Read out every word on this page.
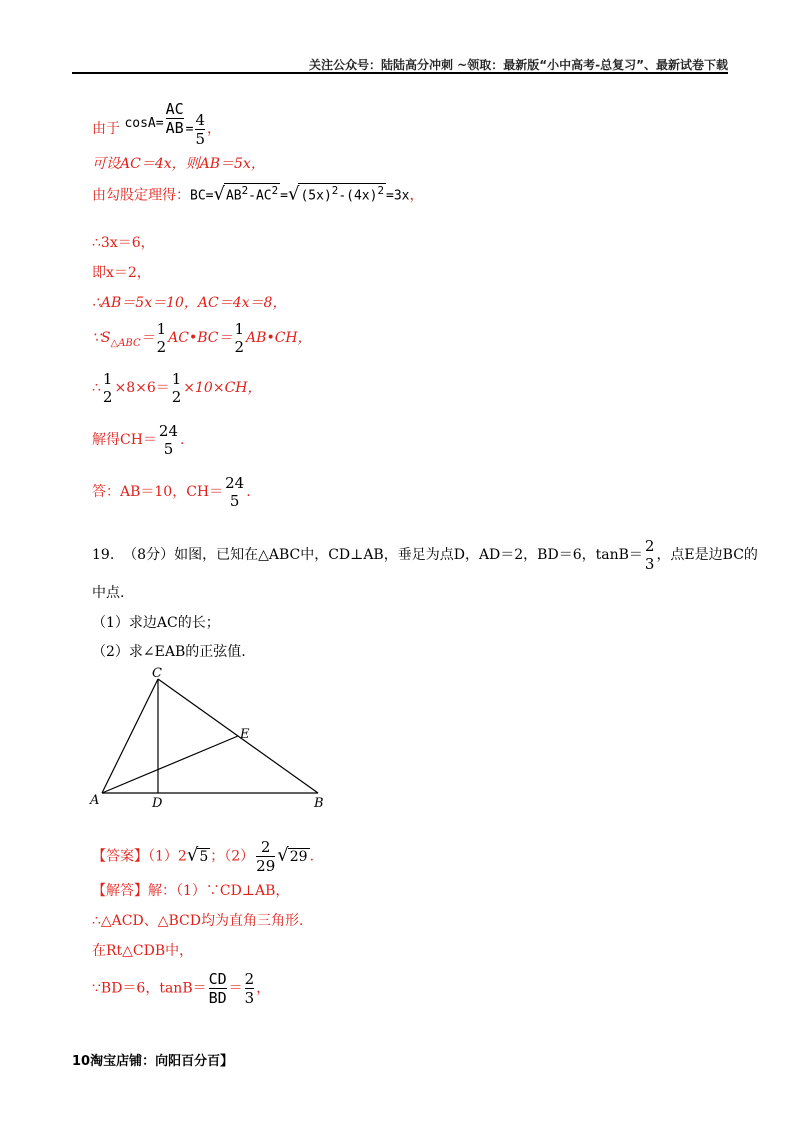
关注公众号：陆陆高分冲刺 ~领取：最新版“小中高考-总复习”、最新试卷下载
由于 $\cos A= \frac{AC}{AB} = \frac{4}{5}$ ，
可设AC＝4x，则AB＝5x，
由勾股定理得：$BC=√AB^2-AC^2 =√(5x)^2-(4x)^2 =3x$，
∴3x＝6，
即x＝2，
∴AB＝5x＝10，AC＝4x＝8，
$\because S_{\triangle ABC}= 1$
2 AC•BC＝ 1
2 AB•CH，
∴ 1
2 ×8×6＝ 1
2 ×10×CH，
解得CH＝ 24
5 .
答：AB＝10，CH＝ 24
5 .
19. （8分）如图，已知在△ABC中，CD⊥AB，垂足为点D，AD＝2，BD＝6，tanB＝ 2
3 ，点E是边BC的
中点.
（1）求边AC的长；
（2）求∠EAB的正弦值.
A	B
C
D
E
【答案】（1）2√5 ；$(2) \frac{2}{29} √29$ .
【解答】解：（1）∵CD⊥AB，
∴△ACD、△BCD均为直角三角形.
在Rt△CDB中，
∵BD＝6，$\tan B= \frac{CD}{BD} = \frac{2}{3}$ ，
10淘宝店铺：向阳百分百】
